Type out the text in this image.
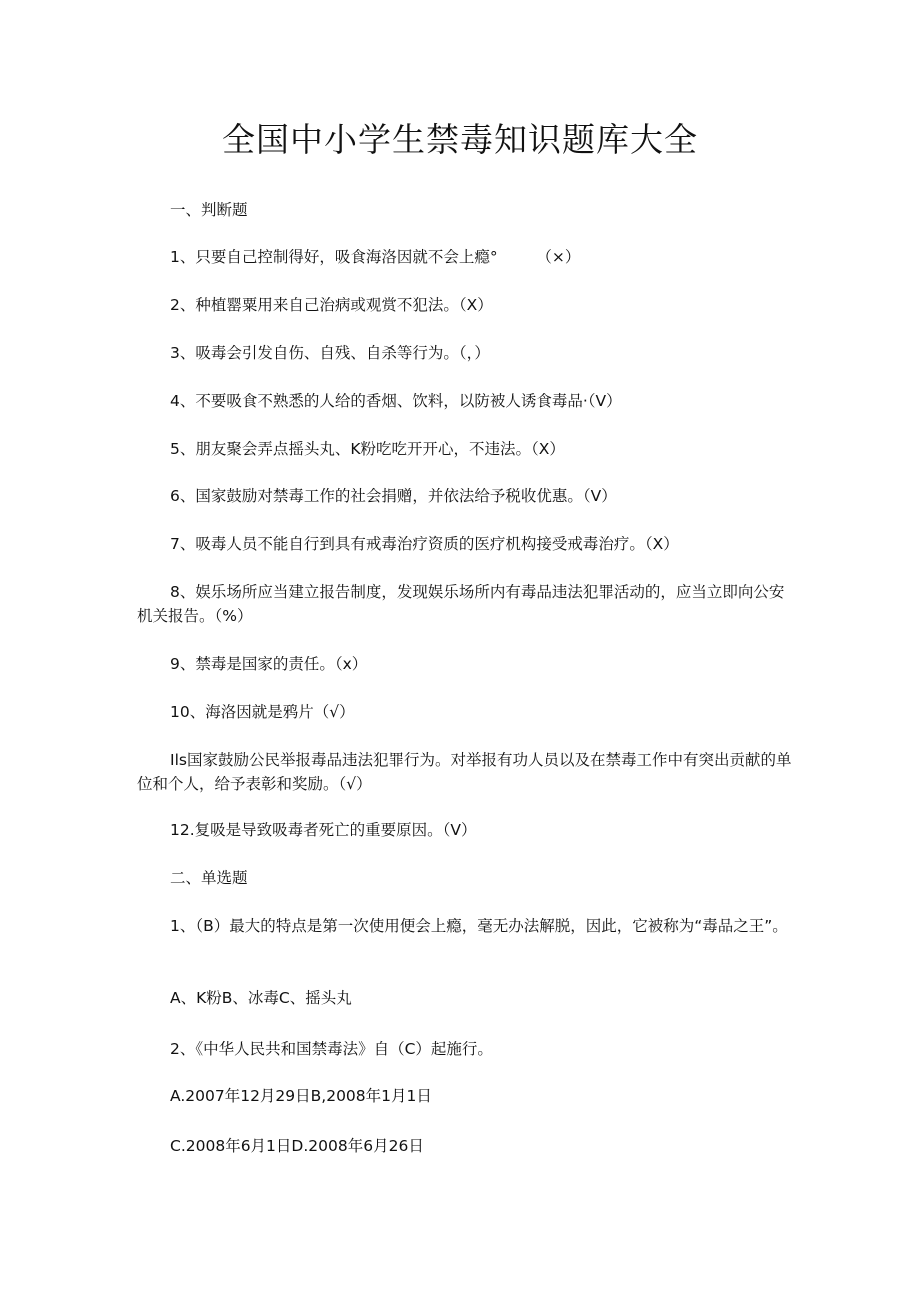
全国中小学生禁毒知识题库大全

一、判断题

1、只要自己控制得好，吸食海洛因就不会上瘾°　　　（×）

2、种植罂粟用来自己治病或观赏不犯法。（X）

3、吸毒会引发自伤、自残、自杀等行为。（，）

4、不要吸食不熟悉的人给的香烟、饮料，以防被人诱食毒品·（V）

5、朋友聚会弄点摇头丸、K粉吃吃开开心，不违法。（X）

6、国家鼓励对禁毒工作的社会捐赠，并依法给予税收优惠。（V）

7、吸毒人员不能自行到具有戒毒治疗资质的医疗机构接受戒毒治疗。（X）

8、娱乐场所应当建立报告制度，发现娱乐场所内有毒品违法犯罪活动的，应当立即向公安机关报告。（%）

9、禁毒是国家的责任。（x）

10、海洛因就是鸦片（√）

Ils国家鼓励公民举报毒品违法犯罪行为。对举报有功人员以及在禁毒工作中有突出贡献的单位和个人，给予表彰和奖励。（√）

12.复吸是导致吸毒者死亡的重要原因。（V）

二、单选题

1、（B）最大的特点是第一次使用便会上瘾，毫无办法解脱，因此，它被称为“毒品之王”。

A、K粉B、冰毒C、摇头丸

2、《中华人民共和国禁毒法》自（C）起施行。

A.2007年12月29日B,2008年1月1日

C.2008年6月1日D.2008年6月26日
